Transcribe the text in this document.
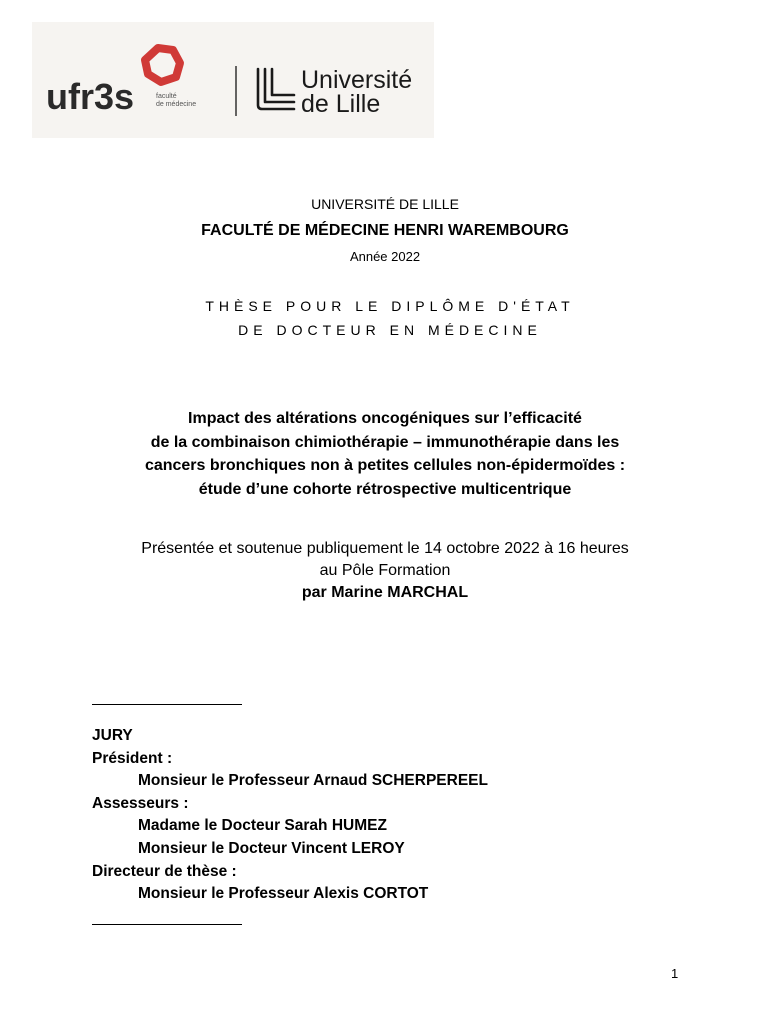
ufr3s	faculté
de médecine
Université
de Lille
UNIVERSITÉ DE LILLE
FACULTÉ DE MÉDECINE HENRI WAREMBOURG
Année 2022
THÈSE POUR LE DIPLÔME D'ÉTAT
DE DOCTEUR EN MÉDECINE
Impact des altérations oncogéniques sur l’efficacité
de la combinaison chimiothérapie – immunothérapie dans les
cancers bronchiques non à petites cellules non-épidermoïdes :
étude d’une cohorte rétrospective multicentrique
Présentée et soutenue publiquement le 14 octobre 2022 à 16 heures
au Pôle Formation
par Marine MARCHAL
JURY
Président :
Monsieur le Professeur Arnaud SCHERPEREEL
Assesseurs :
Madame le Docteur Sarah HUMEZ
Monsieur le Docteur Vincent LEROY
Directeur de thèse :
Monsieur le Professeur Alexis CORTOT
1
